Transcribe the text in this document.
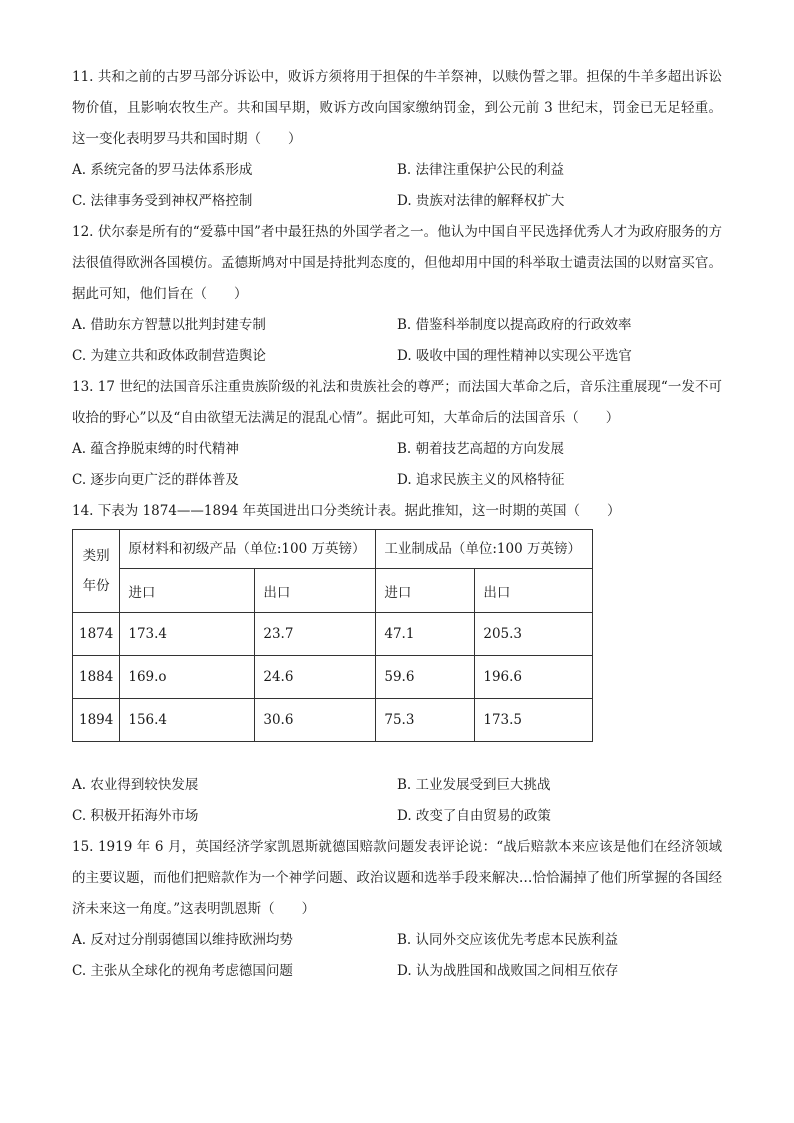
11. 共和之前的古罗马部分诉讼中，败诉方须将用于担保的牛羊祭神，以赎伪誓之罪。担保的牛羊多超出诉讼物价值，且影响农牧生产。共和国早期，败诉方改向国家缴纳罚金，到公元前 3 世纪末，罚金已无足轻重。这一变化表明罗马共和国时期（　　）

A. 系统完备的罗马法体系形成	B. 法律注重保护公民的利益
C. 法律事务受到神权严格控制	D. 贵族对法律的解释权扩大

12. 伏尔泰是所有的“爱慕中国”者中最狂热的外国学者之一。他认为中国自平民选择优秀人才为政府服务的方法很值得欧洲各国模仿。孟德斯鸠对中国是持批判态度的，但他却用中国的科举取士谴责法国的以财富买官。据此可知，他们旨在（　　）

A. 借助东方智慧以批判封建专制	B. 借鉴科举制度以提高政府的行政效率
C. 为建立共和政体政制营造舆论	D. 吸收中国的理性精神以实现公平选官

13. 17 世纪的法国音乐注重贵族阶级的礼法和贵族社会的尊严；而法国大革命之后，音乐注重展现“一发不可收拾的野心”以及“自由欲望无法满足的混乱心情”。据此可知，大革命后的法国音乐（　　）

A. 蕴含挣脱束缚的时代精神	B. 朝着技艺高超的方向发展
C. 逐步向更广泛的群体普及	D. 追求民族主义的风格特征

14. 下表为 1874——1894 年英国进出口分类统计表。据此推知，这一时期的英国（　　）

类别年份	原材料和初级产品（单位:100 万英镑）		工业制成品（单位:100 万英镑）	
	进口	出口	进口	出口
1874	173.4	23.7	47.1	205.3
1884	169.o	24.6	59.6	196.6
1894	156.4	30.6	75.3	173.5
A. 农业得到较快发展	B. 工业发展受到巨大挑战
C. 积极开拓海外市场	D. 改变了自由贸易的政策

15. 1919 年 6 月，英国经济学家凯恩斯就德国赔款问题发表评论说：“战后赔款本来应该是他们在经济领域的主要议题，而他们把赔款作为一个神学问题、政治议题和选举手段来解决…恰恰漏掉了他们所掌握的各国经济未来这一角度。”这表明凯恩斯（　　）

A. 反对过分削弱德国以维持欧洲均势	B. 认同外交应该优先考虑本民族利益
C. 主张从全球化的视角考虑德国问题	D. 认为战胜国和战败国之间相互依存
